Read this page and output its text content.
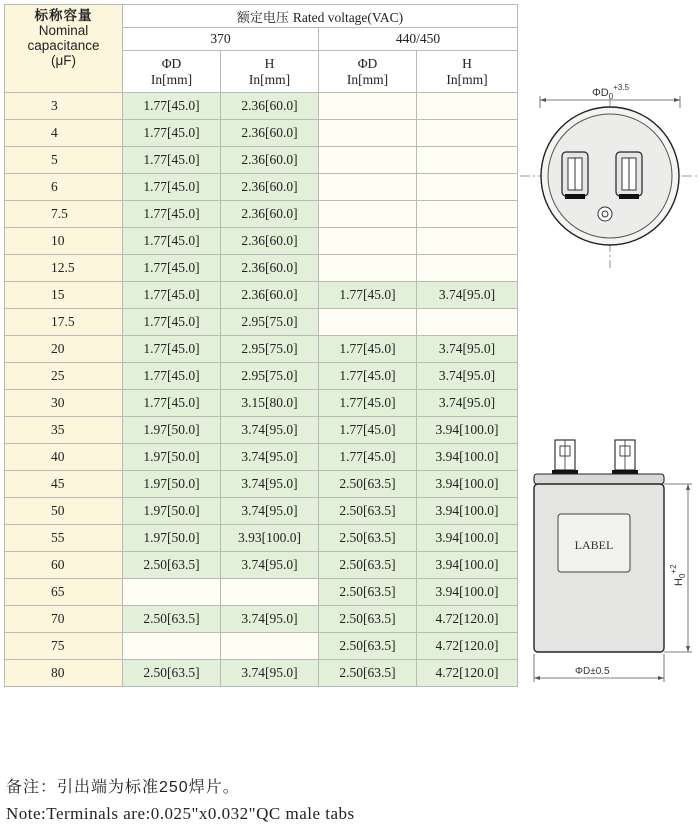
标称容量
Nominal
capacitance
(μF)	额定电压 Rated voltage(VAC)			
	370		440/450	

	ΦD
In[mm]	H
In[mm]	ΦD
In[mm]	H
In[mm]

3	1.77[45.0]	2.36[60.0]		
4	1.77[45.0]	2.36[60.0]		
5	1.77[45.0]	2.36[60.0]		
6	1.77[45.0]	2.36[60.0]		
7.5	1.77[45.0]	2.36[60.0]		
10	1.77[45.0]	2.36[60.0]		
12.5	1.77[45.0]	2.36[60.0]		
15	1.77[45.0]	2.36[60.0]	1.77[45.0]	3.74[95.0]
17.5	1.77[45.0]	2.95[75.0]		
20	1.77[45.0]	2.95[75.0]	1.77[45.0]	3.74[95.0]
25	1.77[45.0]	2.95[75.0]	1.77[45.0]	3.74[95.0]
30	1.77[45.0]	3.15[80.0]	1.77[45.0]	3.74[95.0]
35	1.97[50.0]	3.74[95.0]	1.77[45.0]	3.94[100.0]
40	1.97[50.0]	3.74[95.0]	1.77[45.0]	3.94[100.0]
45	1.97[50.0]	3.74[95.0]	2.50[63.5]	3.94[100.0]
50	1.97[50.0]	3.74[95.0]	2.50[63.5]	3.94[100.0]
55	1.97[50.0]	3.93[100.0]	2.50[63.5]	3.94[100.0]
60	2.50[63.5]	3.74[95.0]	2.50[63.5]	3.94[100.0]
65			2.50[63.5]	3.94[100.0]
70	2.50[63.5]	3.74[95.0]	2.50[63.5]	4.72[120.0]
75			2.50[63.5]	4.72[120.0]
80	2.50[63.5]	3.74[95.0]	2.50[63.5]	4.72[120.0]
$\Phi D_0^{+3.5}$
LABEL
$H_0^{+2}$
ΦD±0.5
备注：引出端为标准250焊片。
Note:Terminals are:0.025"x0.032"QC male tabs
